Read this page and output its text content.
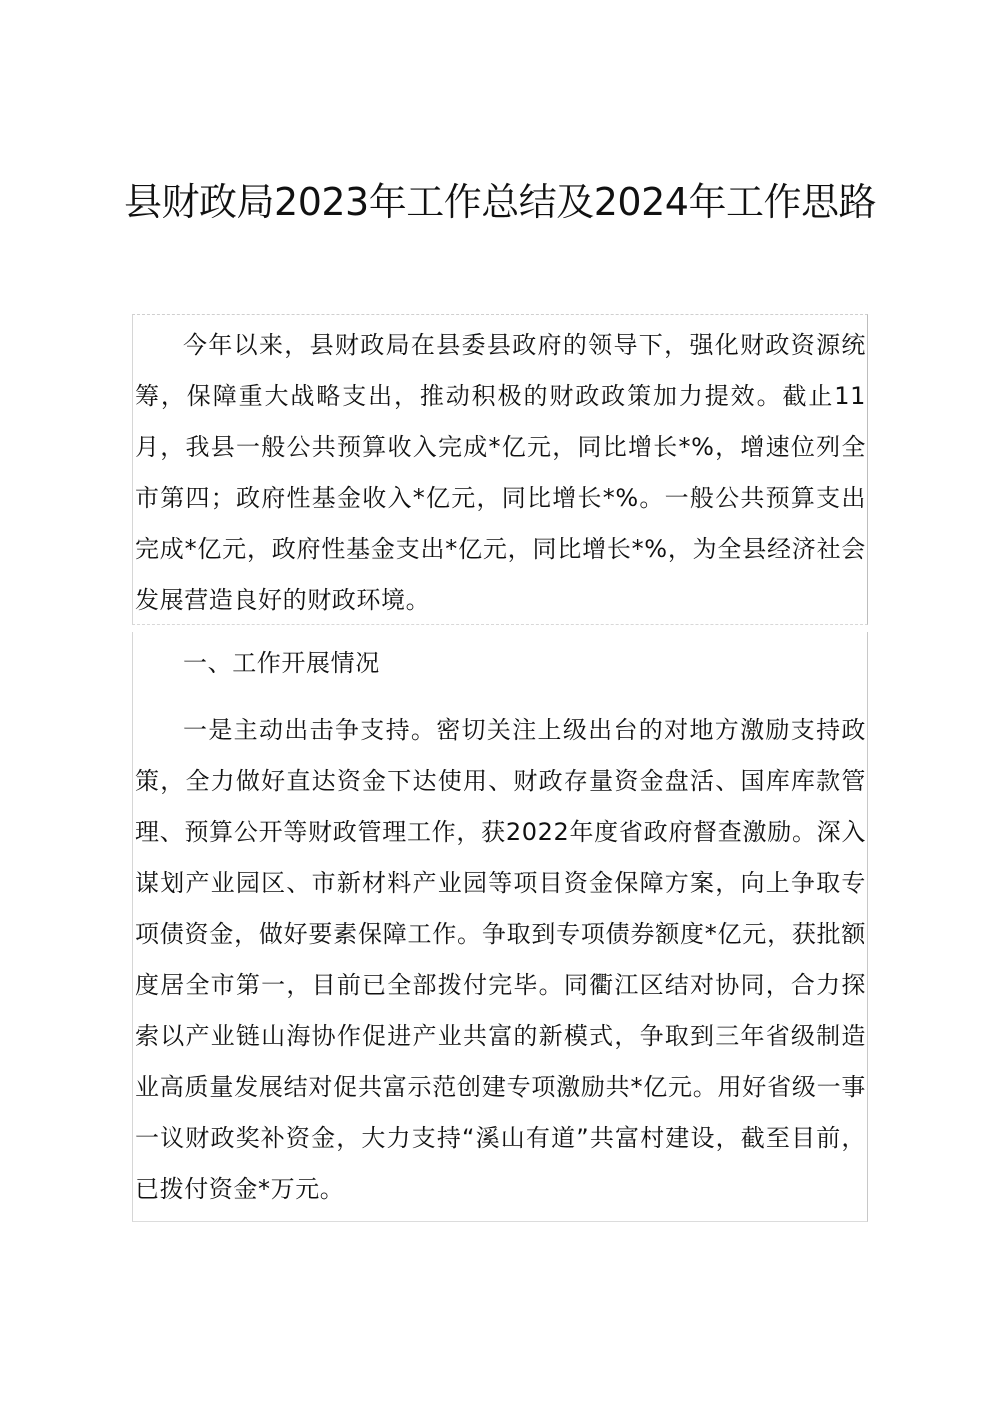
县财政局2023年工作总结及2024年工作思路

今年以来，县财政局在县委县政府的领导下，强化财政资源统筹，保障重大战略支出，推动积极的财政政策加力提效。截止11月，我县一般公共预算收入完成*亿元，同比增长*%，增速位列全市第四；政府性基金收入*亿元，同比增长*%。一般公共预算支出完成*亿元，政府性基金支出*亿元，同比增长*%，为全县经济社会发展营造良好的财政环境。

一、工作开展情况

一是主动出击争支持。密切关注上级出台的对地方激励支持政策，全力做好直达资金下达使用、财政存量资金盘活、国库库款管理、预算公开等财政管理工作，获2022年度省政府督查激励。深入谋划产业园区、市新材料产业园等项目资金保障方案，向上争取专项债资金，做好要素保障工作。争取到专项债券额度*亿元，获批额度居全市第一，目前已全部拨付完毕。同衢江区结对协同，合力探索以产业链山海协作促进产业共富的新模式，争取到三年省级制造业高质量发展结对促共富示范创建专项激励共*亿元。用好省级一事一议财政奖补资金，大力支持“溪山有道”共富村建设，截至目前，已拨付资金*万元。
